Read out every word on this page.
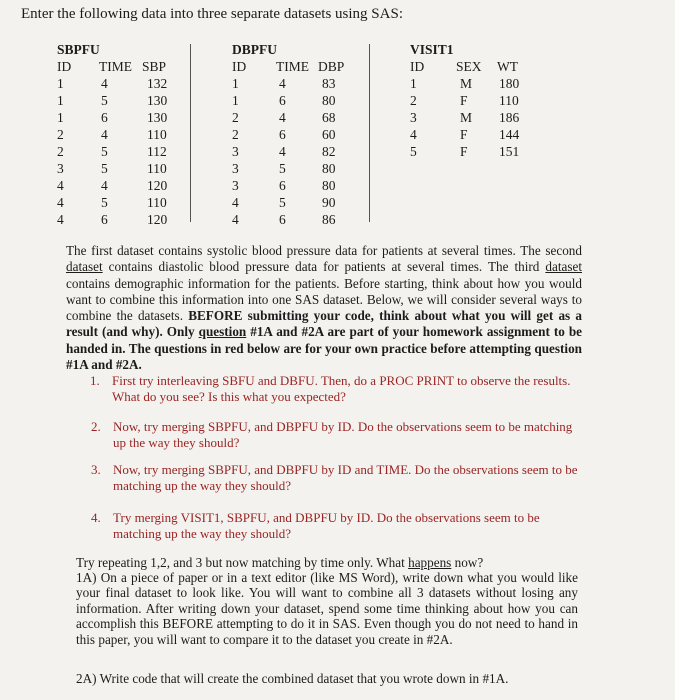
Enter the following data into three separate datasets using SAS:
SBPFU
ID TIME SBP
1	4	132
1	5	130
1	6	130
2	4	110
2	5	112
3	5	110
4	4	120
4	5	110
4	6	120
DBPFU
ID TIME DBP
1	4	83
1	6	80
2	4	68
2	6	60
3	4	82
3	5	80
3	6	80
4	5	90
4	6	86
VISIT1
ID SEX WT
1	M 180
2	F 110
3	M 186
4	F 144
5	F 151
The first dataset contains systolic blood pressure data for patients at several times. The second dataset contains diastolic blood pressure data for patients at several times. The third dataset contains demographic information for the patients. Before starting, think about how you would want to combine this information into one SAS dataset. Below, we will consider several ways to combine the datasets. BEFORE submitting your code, think about what you will get as a result (and why). Only question #1A and #2A are part of your homework assignment to be handed in. The questions in red below are for your own practice before attempting question #1A and #2A.
1. First try interleaving SBFU and DBFU. Then, do a PROC PRINT to observe the results. What do you see? Is this what you expected?
2. Now, try merging SBPFU, and DBPFU by ID. Do the observations seem to be matching up the way they should?
3. Now, try merging SBPFU, and DBPFU by ID and TIME. Do the observations seem to be matching up the way they should?
4. Try merging VISIT1, SBPFU, and DBPFU by ID. Do the observations seem to be matching up the way they should?
Try repeating 1,2, and 3 but now matching by time only. What happens now?
1A) On a piece of paper or in a text editor (like MS Word), write down what you would like your final dataset to look like. You will want to combine all 3 datasets without losing any information. After writing down your dataset, spend some time thinking about how you can accomplish this BEFORE attempting to do it in SAS. Even though you do not need to hand in this paper, you will want to compare it to the dataset you create in #2A.
2A) Write code that will create the combined dataset that you wrote down in #1A.
